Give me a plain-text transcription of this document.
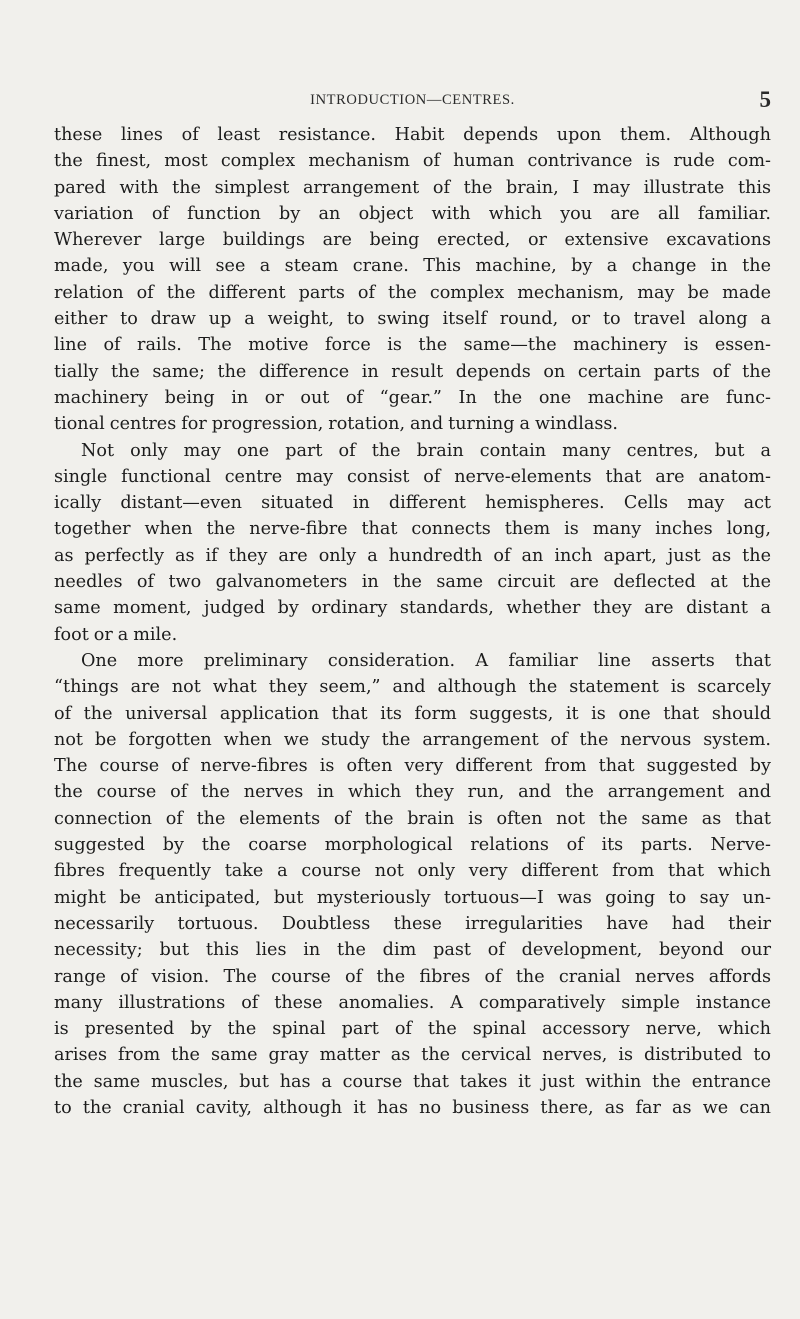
INTRODUCTION—CENTRES.	5
these lines of least resistance. Habit depends upon them. Although
the finest, most complex mechanism of human contrivance is rude com-
pared with the simplest arrangement of the brain, I may illustrate this
variation of function by an object with which you are all familiar.
Wherever large buildings are being erected, or extensive excavations
made, you will see a steam crane. This machine, by a change in the
relation of the different parts of the complex mechanism, may be made
either to draw up a weight, to swing itself round, or to travel along a
line of rails. The motive force is the same—the machinery is essen-
tially the same; the difference in result depends on certain parts of the
machinery being in or out of “gear.” In the one machine are func-
tional centres for progression, rotation, and turning a windlass.
Not only may one part of the brain contain many centres, but a
single functional centre may consist of nerve-elements that are anatom-
ically distant—even situated in different hemispheres. Cells may act
together when the nerve-fibre that connects them is many inches long,
as perfectly as if they are only a hundredth of an inch apart, just as the
needles of two galvanometers in the same circuit are deflected at the
same moment, judged by ordinary standards, whether they are distant a
foot or a mile.
One more preliminary consideration. A familiar line asserts that
“things are not what they seem,” and although the statement is scarcely
of the universal application that its form suggests, it is one that should
not be forgotten when we study the arrangement of the nervous system.
The course of nerve-fibres is often very different from that suggested by
the course of the nerves in which they run, and the arrangement and
connection of the elements of the brain is often not the same as that
suggested by the coarse morphological relations of its parts. Nerve-
fibres frequently take a course not only very different from that which
might be anticipated, but mysteriously tortuous—I was going to say un-
necessarily tortuous. Doubtless these irregularities have had their
necessity; but this lies in the dim past of development, beyond our
range of vision. The course of the fibres of the cranial nerves affords
many illustrations of these anomalies. A comparatively simple instance
is presented by the spinal part of the spinal accessory nerve, which
arises from the same gray matter as the cervical nerves, is distributed to
the same muscles, but has a course that takes it just within the entrance
to the cranial cavity, although it has no business there, as far as we can
